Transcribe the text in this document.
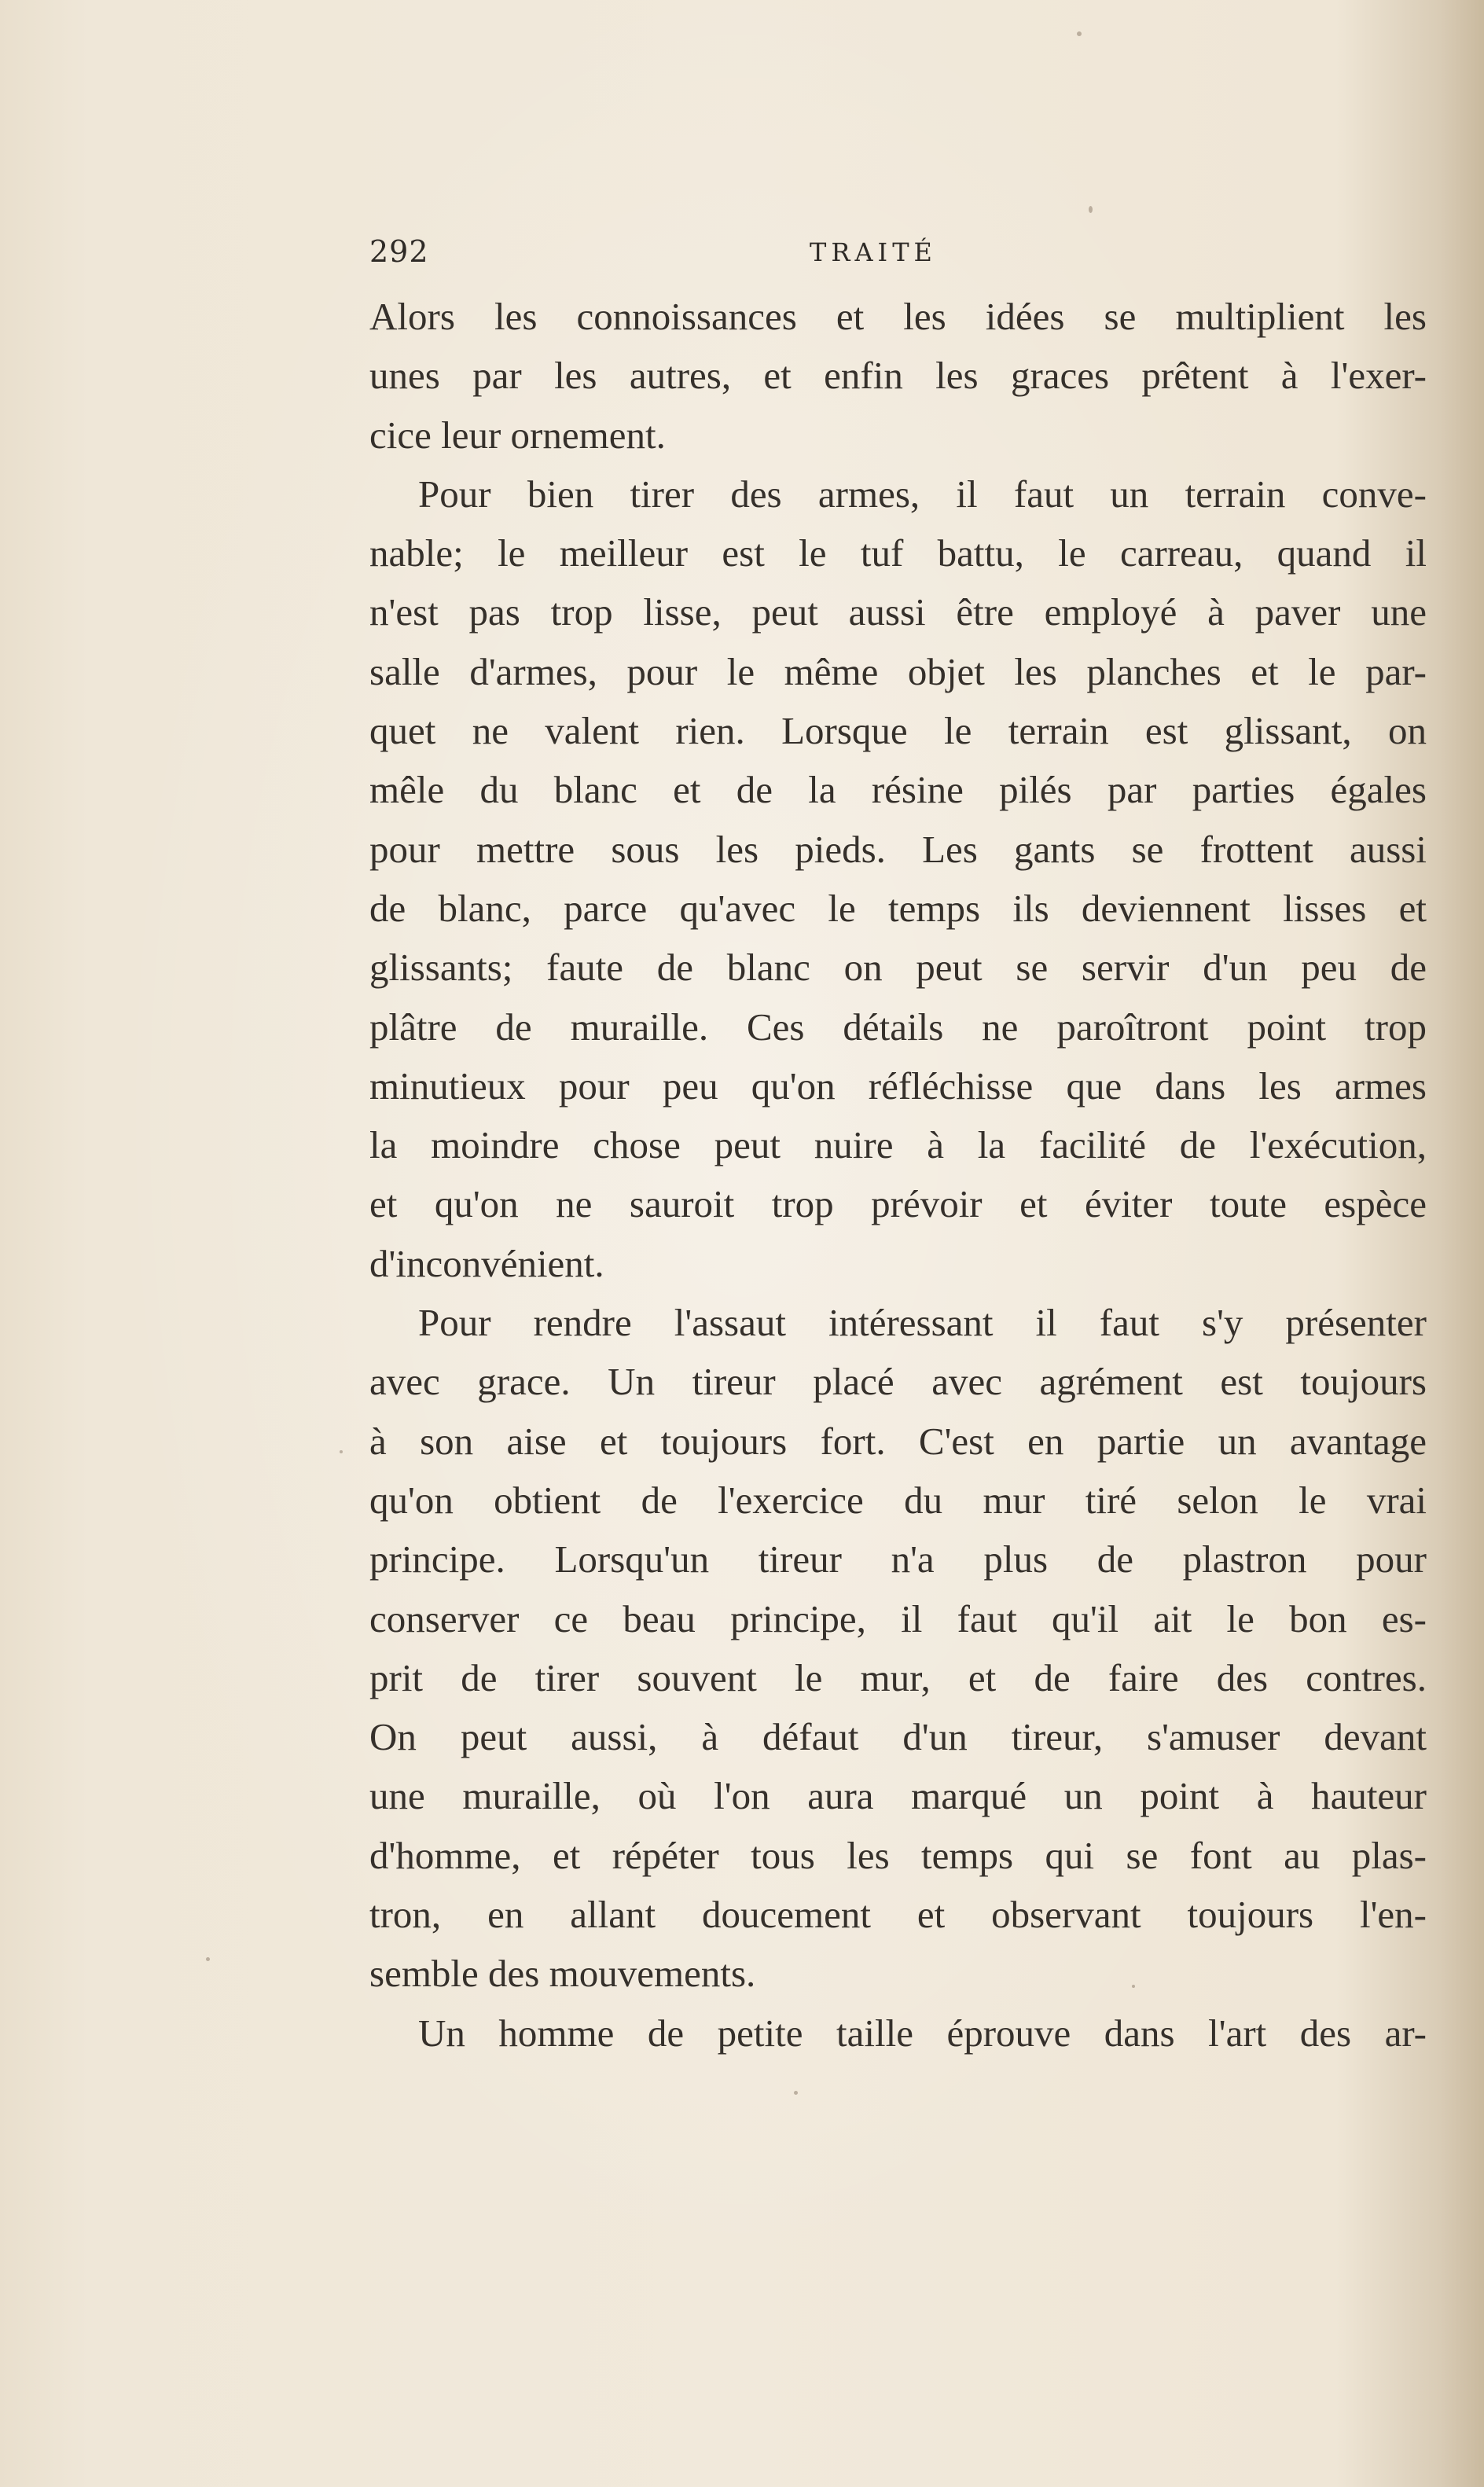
292	TRAITÉ
Alors les connoissances et les idées se multiplient les
unes par les autres, et enfin les graces prêtent à l'exer-
cice leur ornement.
Pour bien tirer des armes, il faut un terrain conve-
nable; le meilleur est le tuf battu, le carreau, quand il
n'est pas trop lisse, peut aussi être employé à paver une
salle d'armes, pour le même objet les planches et le par-
quet ne valent rien. Lorsque le terrain est glissant, on
mêle du blanc et de la résine pilés par parties égales
pour mettre sous les pieds. Les gants se frottent aussi
de blanc, parce qu'avec le temps ils deviennent lisses et
glissants; faute de blanc on peut se servir d'un peu de
plâtre de muraille. Ces détails ne paroîtront point trop
minutieux pour peu qu'on réfléchisse que dans les armes
la moindre chose peut nuire à la facilité de l'exécution,
et qu'on ne sauroit trop prévoir et éviter toute espèce
d'inconvénient.
Pour rendre l'assaut intéressant il faut s'y présenter
avec grace. Un tireur placé avec agrément est toujours
à son aise et toujours fort. C'est en partie un avantage
qu'on obtient de l'exercice du mur tiré selon le vrai
principe. Lorsqu'un tireur n'a plus de plastron pour
conserver ce beau principe, il faut qu'il ait le bon es-
prit de tirer souvent le mur, et de faire des contres.
On peut aussi, à défaut d'un tireur, s'amuser devant
une muraille, où l'on aura marqué un point à hauteur
d'homme, et répéter tous les temps qui se font au plas-
tron, en allant doucement et observant toujours l'en-
semble des mouvements.
Un homme de petite taille éprouve dans l'art des ar-
